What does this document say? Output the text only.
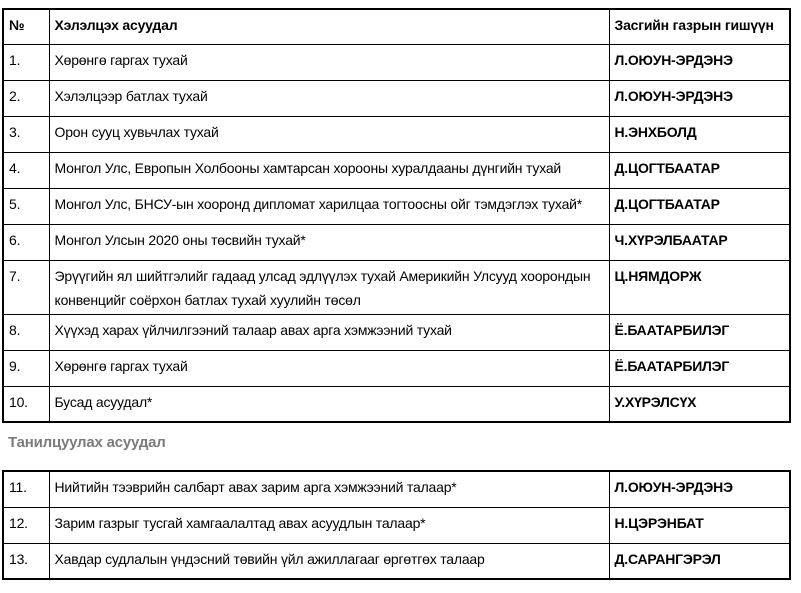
№	Хэлэлцэх асуудал	Засгийн газрын гишүүн
1.	Хөрөнгө гаргах тухай	Л.ОЮУН-ЭРДЭНЭ
2.	Хэлэлцээр батлах тухай	Л.ОЮУН-ЭРДЭНЭ
3.	Орон сууц хувьчлах тухай	Н.ЭНХБОЛД
4.	Монгол Улс, Европын Холбооны хамтарсан хорооны хуралдааны дүнгийн тухай	Д.ЦОГТБААТАР
5.	Монгол Улс, БНСУ-ын хооронд дипломат харилцаа тогтоосны ойг тэмдэглэх тухай*	Д.ЦОГТБААТАР
6.	Монгол Улсын 2020 оны төсвийн тухай*	Ч.ХҮРЭЛБААТАР
7.	Эрүүгийн ял шийтгэлийг гадаад улсад эдлүүлэх тухай Америкийн Улсууд хоорондын конвенцийг соёрхон батлах тухай хуулийн төсөл	Ц.НЯМДОРЖ
8.	Хүүхэд харах үйлчилгээний талаар авах арга хэмжээний тухай	Ё.БААТАРБИЛЭГ
9.	Хөрөнгө гаргах тухай	Ё.БААТАРБИЛЭГ
10.	Бусад асуудал*	У.ХҮРЭЛСҮХ
Танилцуулах асуудал
11.	Нийтийн тээврийн салбарт авах зарим арга хэмжээний талаар*	Л.ОЮУН-ЭРДЭНЭ
12.	Зарим газрыг тусгай хамгаалалтад авах асуудлын талаар*	Н.ЦЭРЭНБАТ
13.	Хавдар судлалын үндэсний төвийн үйл ажиллагааг өргөтгөх талаар	Д.САРАНГЭРЭЛ
